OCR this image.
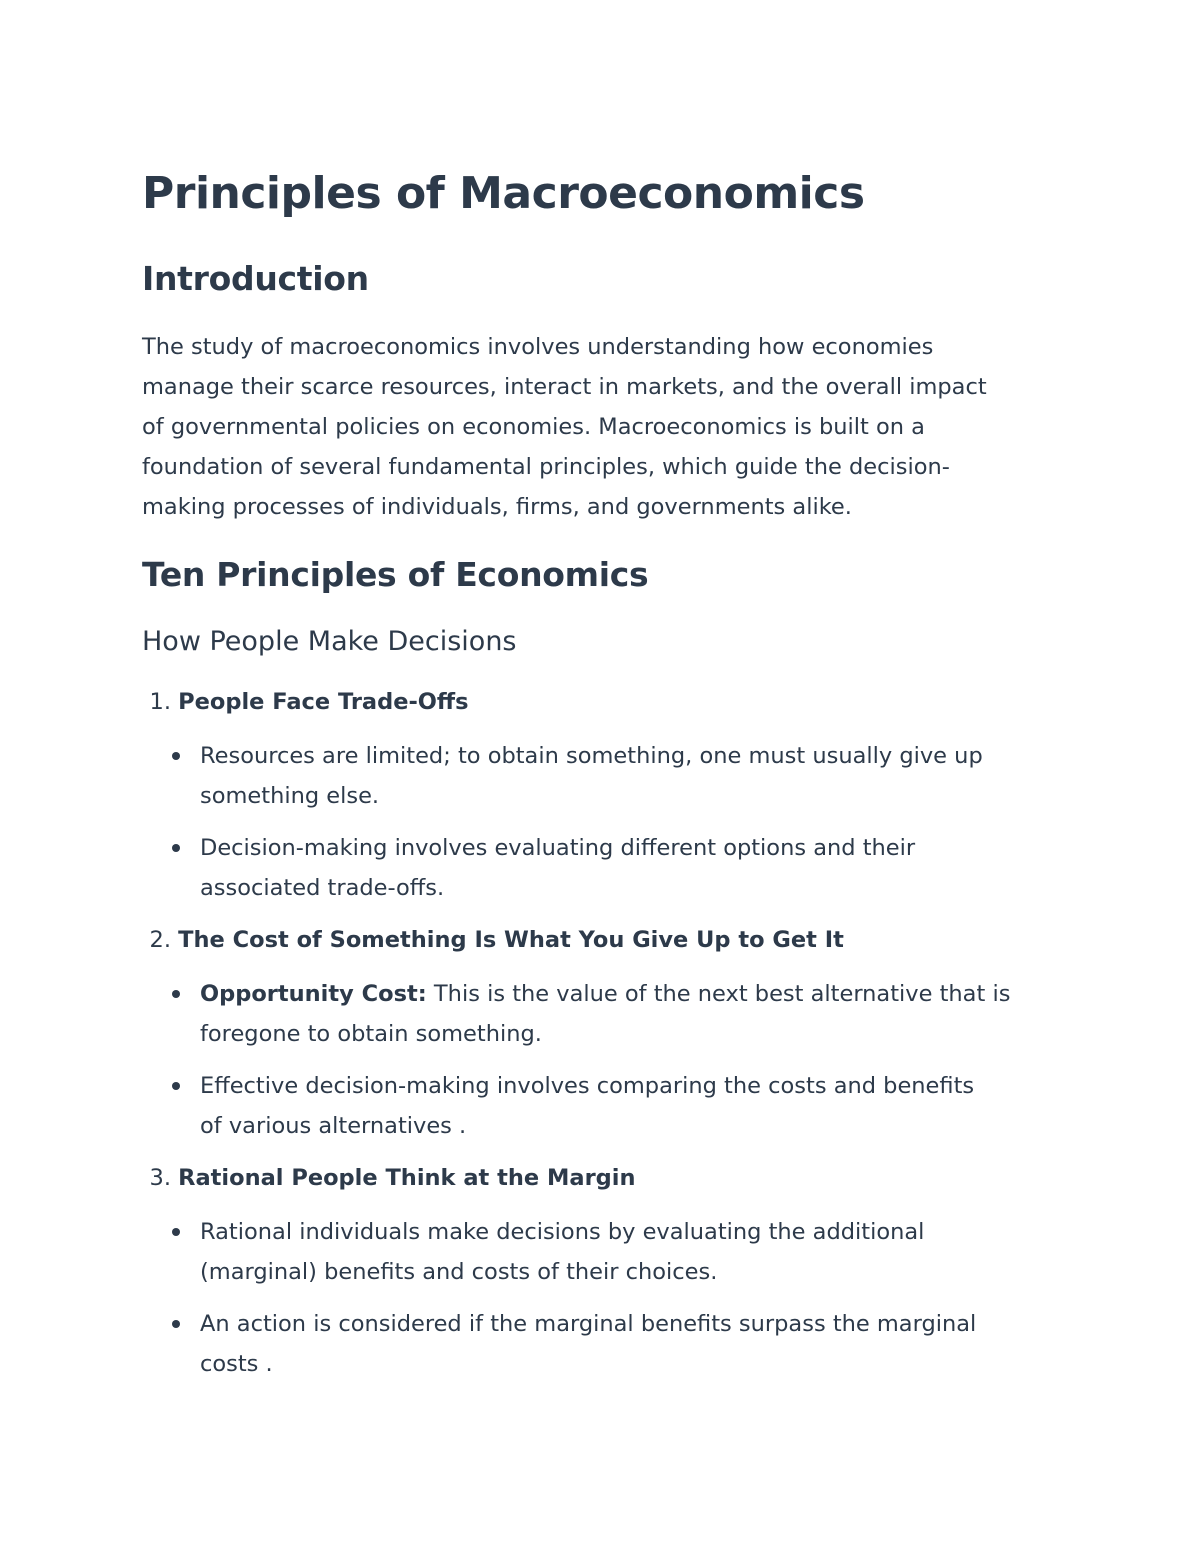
Principles of Macroeconomics
Introduction

The study of macroeconomics involves understanding how economies
manage their scarce resources, interact in markets, and the overall impact
of governmental policies on economies. Macroeconomics is built on a
foundation of several fundamental principles, which guide the decision-
making processes of individuals, firms, and governments alike.

Ten Principles of Economics
How People Make Decisions
1. People Face Trade-Offs
Resources are limited; to obtain something, one must usually give up
something else.
Decision-making involves evaluating different options and their
associated trade-offs.
2. The Cost of Something Is What You Give Up to Get It
Opportunity Cost: This is the value of the next best alternative that is
foregone to obtain something.
Effective decision-making involves comparing the costs and benefits
of various alternatives .
3. Rational People Think at the Margin
Rational individuals make decisions by evaluating the additional
(marginal) benefits and costs of their choices.
An action is considered if the marginal benefits surpass the marginal
costs .
